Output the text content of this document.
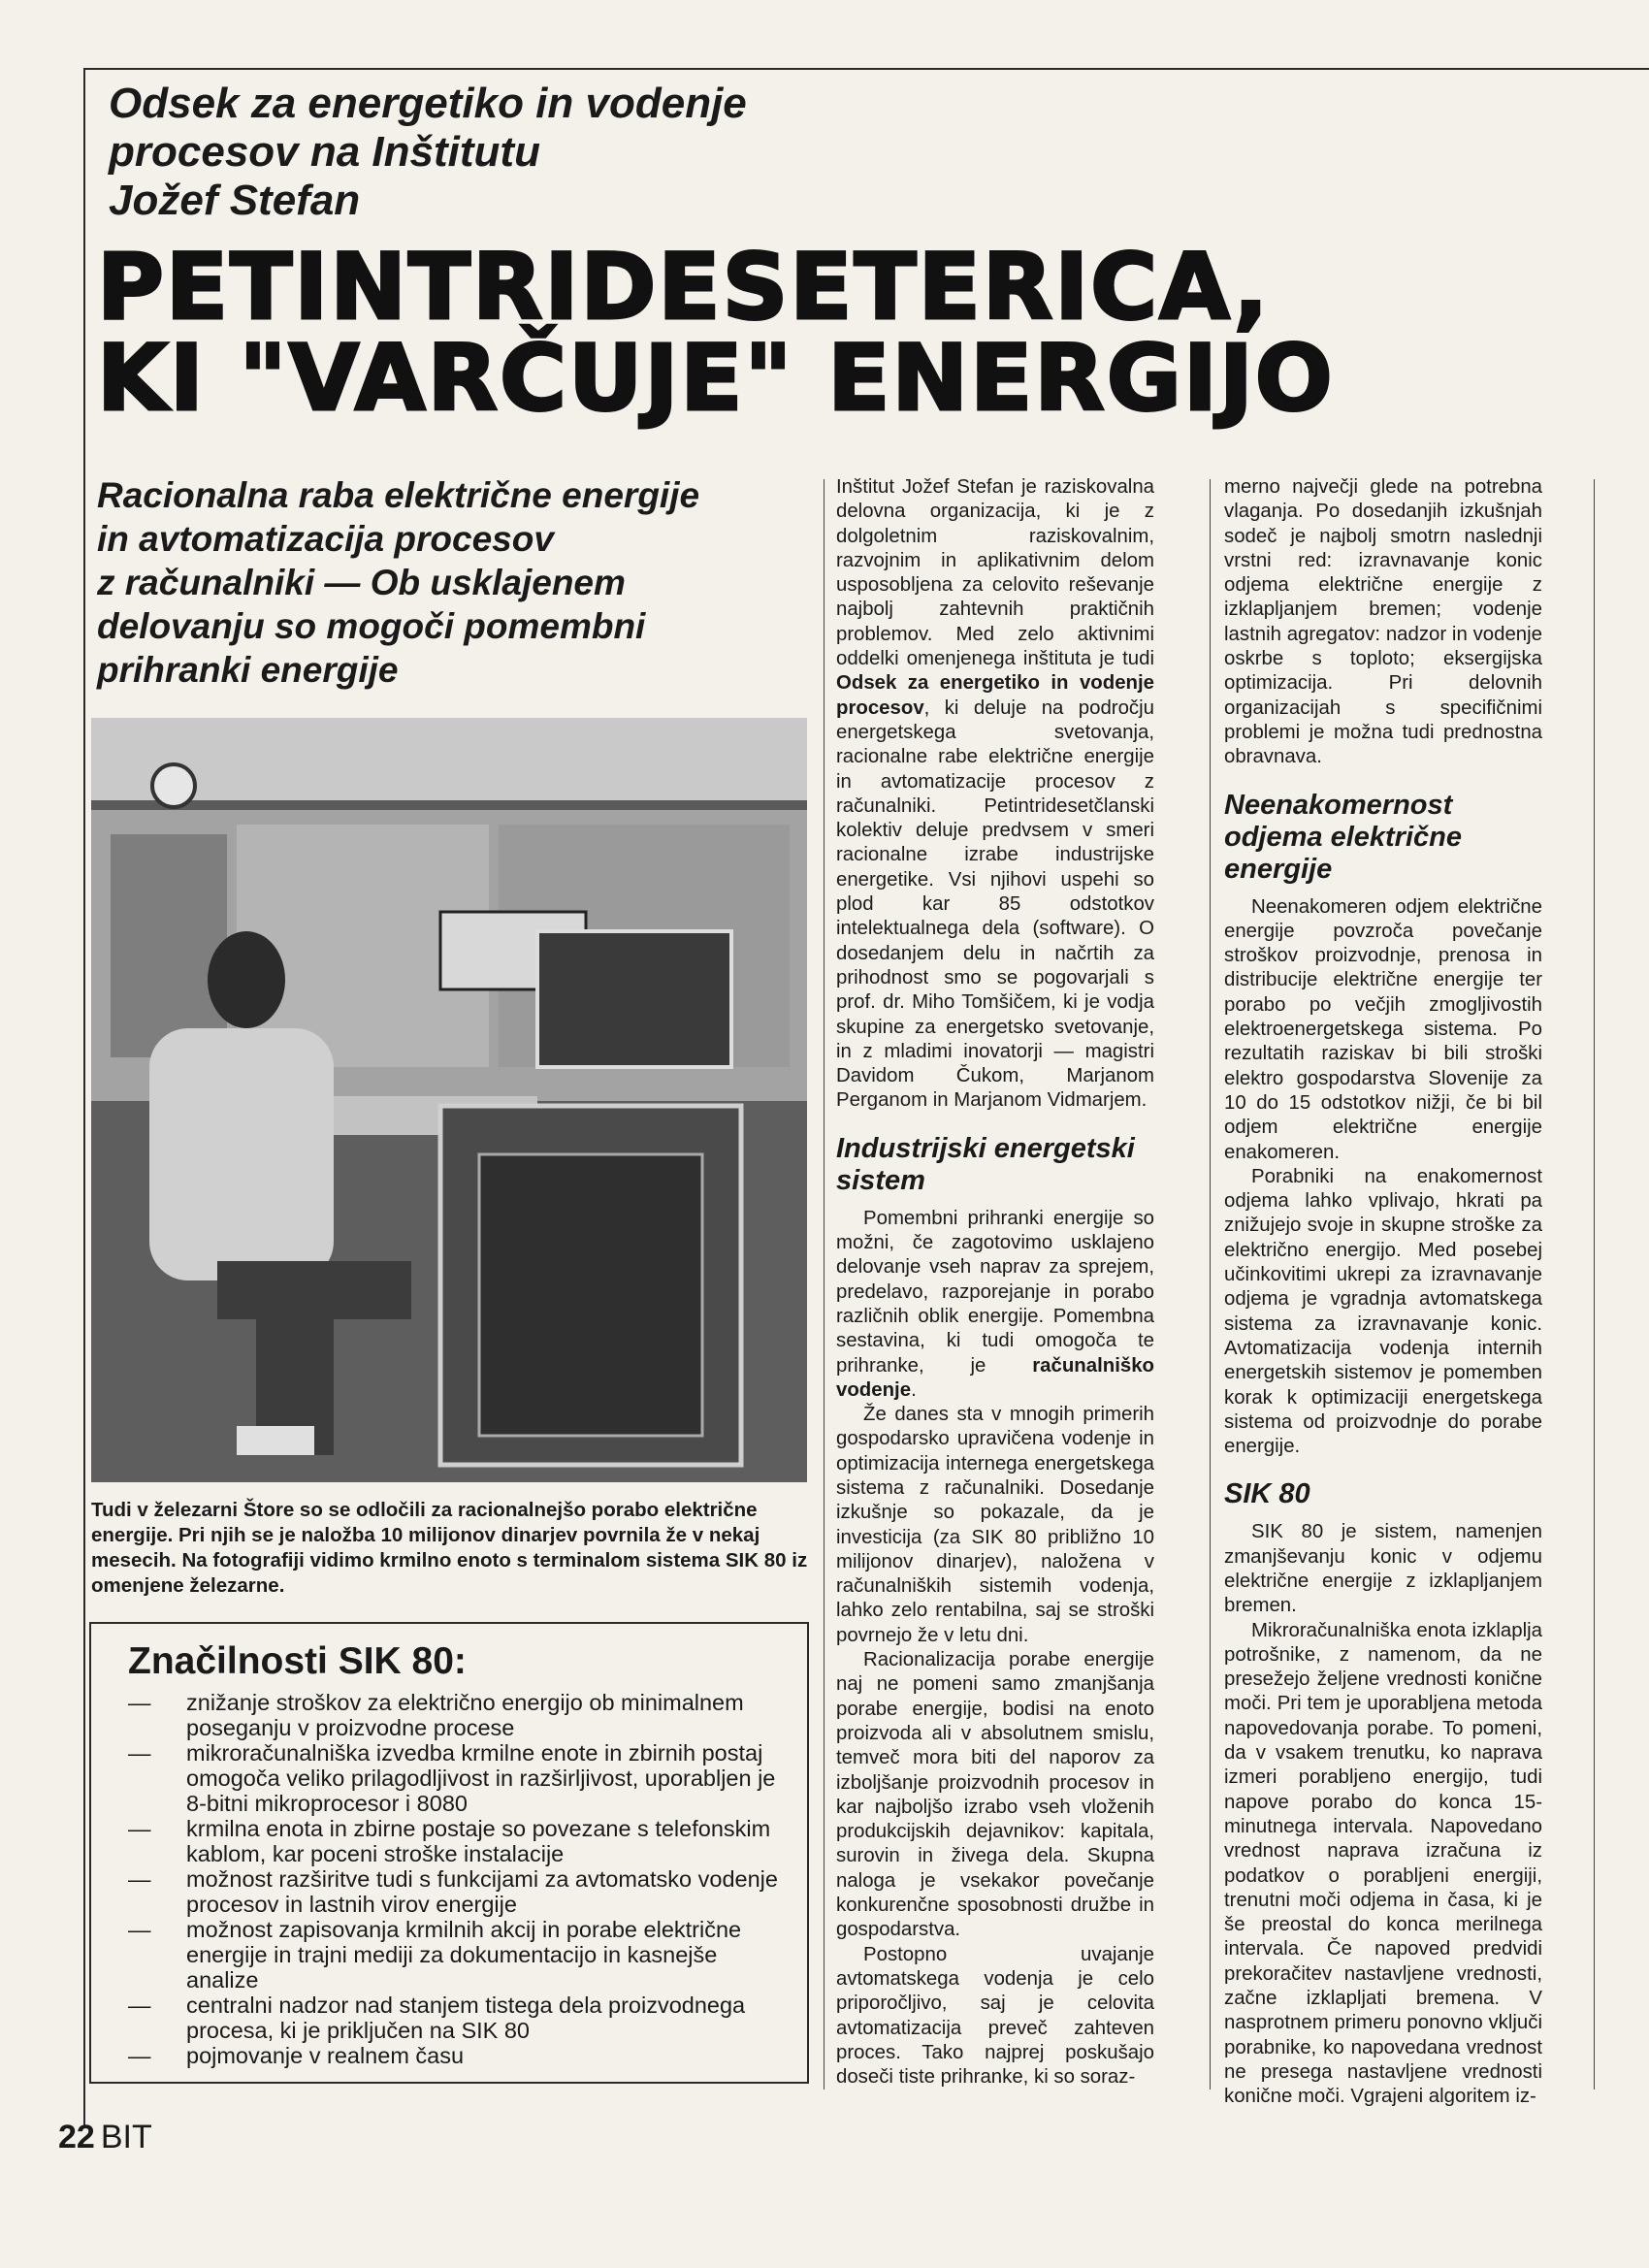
Odsek za energetiko in vodenje
procesov na Inštitutu
Jožef Stefan
PETINTRIDESETERICA,
KI "VARČUJE" ENERGIJO
Racionalna raba električne energije
in avtomatizacija procesov
z računalniki — Ob usklajenem
delovanju so mogoči pomembni
prihranki energije

Tudi v železarni Štore so se odločili za racionalnejšo porabo električne energije. Pri njih se je naložba 10 milijonov dinarjev povrnila že v nekaj mesecih. Na fotografiji vidimo krmilno enoto s terminalom sistema SIK 80 iz omenjene železarne.

Značilnosti SIK 80:
— znižanje stroškov za električno energijo ob minimalnem poseganju v proizvodne procese
— mikroračunalniška izvedba krmilne enote in zbirnih postaj omogoča veliko prilagodljivost in razširljivost, uporabljen je 8-bitni mikroprocesor i 8080
— krmilna enota in zbirne postaje so povezane s telefonskim kablom, kar poceni stroške instalacije
— možnost razširitve tudi s funkcijami za avtomatsko vodenje procesov in lastnih virov energije
— možnost zapisovanja krmilnih akcij in porabe električne energije in trajni mediji za dokumentacijo in kasnejše analize
— centralni nadzor nad stanjem tistega dela proizvodnega procesa, ki je priključen na SIK 80
— pojmovanje v realnem času

Inštitut Jožef Stefan je raziskovalna delovna organizacija, ki je z dolgoletnim raziskovalnim, razvojnim in aplikativnim delom usposobljena za celovito reševanje najbolj zahtevnih praktičnih problemov. Med zelo aktivnimi oddelki omenjenega inštituta je tudi Odsek za energetiko in vodenje procesov, ki deluje na področju energetskega svetovanja, racionalne rabe električne energije in avtomatizacije procesov z računalniki. Petintridesetčlanski kolektiv deluje predvsem v smeri racionalne izrabe industrijske energetike. Vsi njihovi uspehi so plod kar 85 odstotkov intelektualnega dela (software). O dosedanjem delu in načrtih za prihodnost smo se pogovarjali s prof. dr. Miho Tomšičem, ki je vodja skupine za energetsko svetovanje, in z mladimi inovatorji — magistri Davidom Čukom, Marjanom Perganom in Marjanom Vidmarjem.

Industrijski energetski sistem

Pomembni prihranki energije so možni, če zagotovimo usklajeno delovanje vseh naprav za sprejem, predelavo, razporejanje in porabo različnih oblik energije. Pomembna sestavina, ki tudi omogoča te prihranke, je računalniško vodenje.

Že danes sta v mnogih primerih gospodarsko upravičena vodenje in optimizacija internega energetskega sistema z računalniki. Dosedanje izkušnje so pokazale, da je investicija (za SIK 80 približno 10 milijonov dinarjev), naložena v računalniških sistemih vodenja, lahko zelo rentabilna, saj se stroški povrnejo že v letu dni.

Racionalizacija porabe energije naj ne pomeni samo zmanjšanja porabe energije, bodisi na enoto proizvoda ali v absolutnem smislu, temveč mora biti del naporov za izboljšanje proizvodnih procesov in kar najboljšo izrabo vseh vloženih produkcijskih dejavnikov: kapitala, surovin in živega dela. Skupna naloga je vsekakor povečanje konkurenčne sposobnosti družbe in gospodarstva.

Postopno uvajanje avtomatskega vodenja je celo priporočljivo, saj je celovita avtomatizacija preveč zahteven proces. Tako najprej poskušajo doseči tiste prihranke, ki so soraz-

merno največji glede na potrebna vlaganja. Po dosedanjih izkušnjah sodeč je najbolj smotrn naslednji vrstni red: izravnavanje konic odjema električne energije z izklapljanjem bremen; vodenje lastnih agregatov: nadzor in vodenje oskrbe s toploto; eksergijska optimizacija. Pri delovnih organizacijah s specifičnimi problemi je možna tudi prednostna obravnava.

Neenakomernost odjema električne energije

Neenakomeren odjem električne energije povzroča povečanje stroškov proizvodnje, prenosa in distribucije električne energije ter porabo po večjih zmogljivostih elektroenergetskega sistema. Po rezultatih raziskav bi bili stroški elektro gospodarstva Slovenije za 10 do 15 odstotkov nižji, če bi bil odjem električne energije enakomeren.

Porabniki na enakomernost odjema lahko vplivajo, hkrati pa znižujejo svoje in skupne stroške za električno energijo. Med posebej učinkovitimi ukrepi za izravnavanje odjema je vgradnja avtomatskega sistema za izravnavanje konic. Avtomatizacija vodenja internih energetskih sistemov je pomemben korak k optimizaciji energetskega sistema od proizvodnje do porabe energije.

SIK 80

SIK 80 je sistem, namenjen zmanjševanju konic v odjemu električne energije z izklapljanjem bremen.

Mikroračunalniška enota izklaplja potrošnike, z namenom, da ne presežejo željene vrednosti konične moči. Pri tem je uporabljena metoda napovedovanja porabe. To pomeni, da v vsakem trenutku, ko naprava izmeri porabljeno energijo, tudi napove porabo do konca 15-minutnega intervala. Napovedano vrednost naprava izračuna iz podatkov o porabljeni energiji, trenutni moči odjema in časa, ki je še preostal do konca merilnega intervala. Če napoved predvidi prekoračitev nastavljene vrednosti, začne izklapljati bremena. V nasprotnem primeru ponovno vključi porabnike, ko napovedana vrednost ne presega nastavljene vrednosti konične moči. Vgrajeni algoritem iz-

22 BIT
